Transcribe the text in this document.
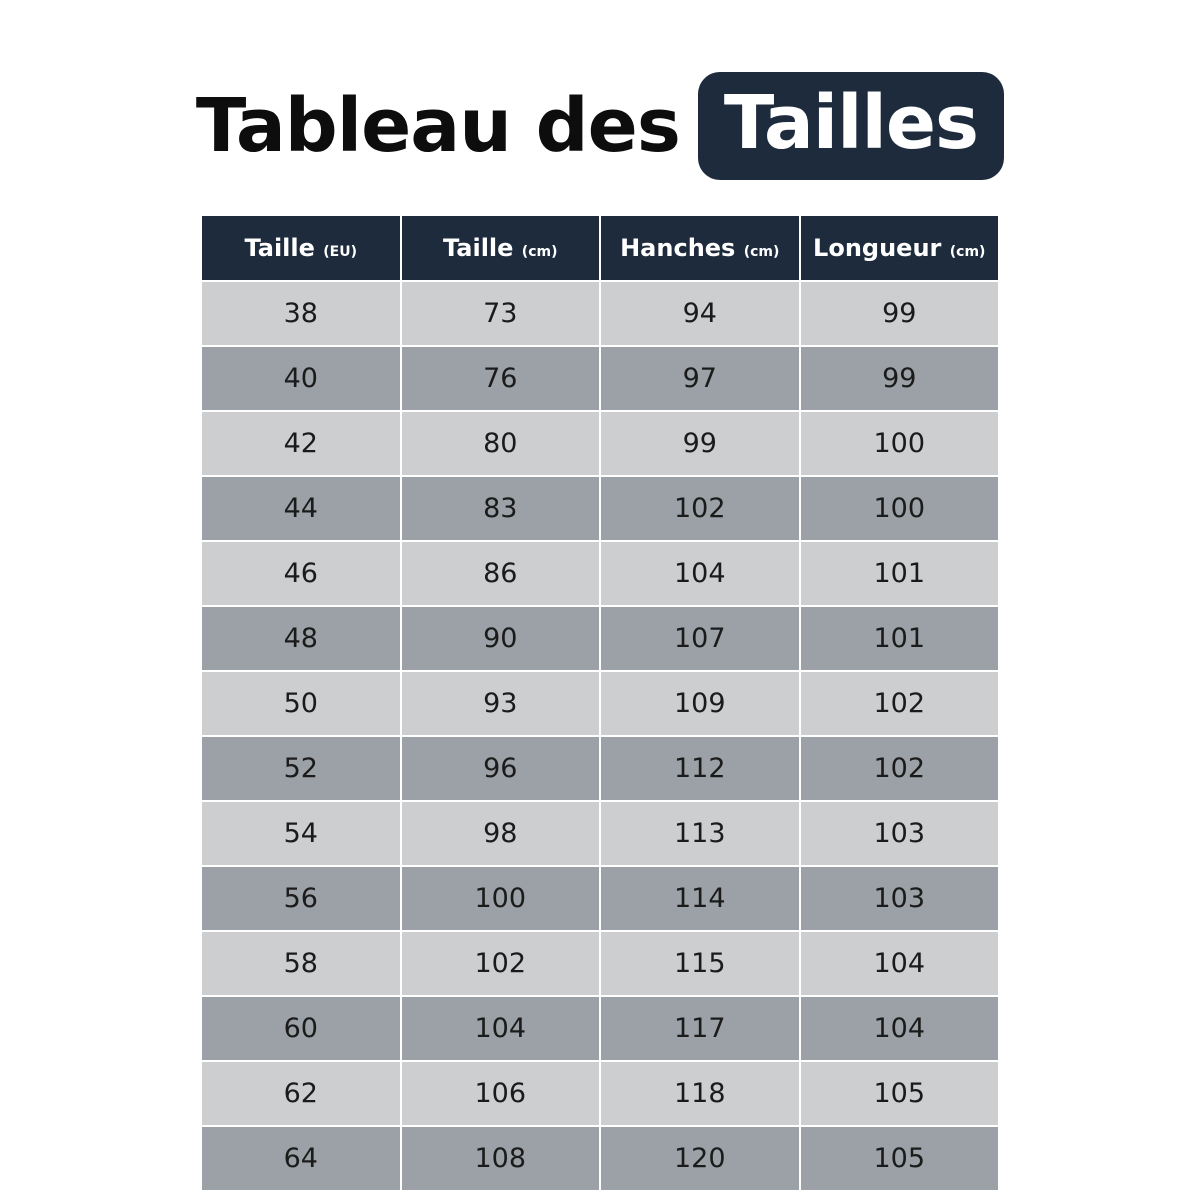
Tableau des Tailles
Taille (EU)	Taille (cm)	Hanches (cm)	Longueur (cm)
38	73	94	99
40	76	97	99
42	80	99	100
44	83	102	100
46	86	104	101
48	90	107	101
50	93	109	102
52	96	112	102
54	98	113	103
56	100	114	103
58	102	115	104
60	104	117	104
62	106	118	105
64	108	120	105
